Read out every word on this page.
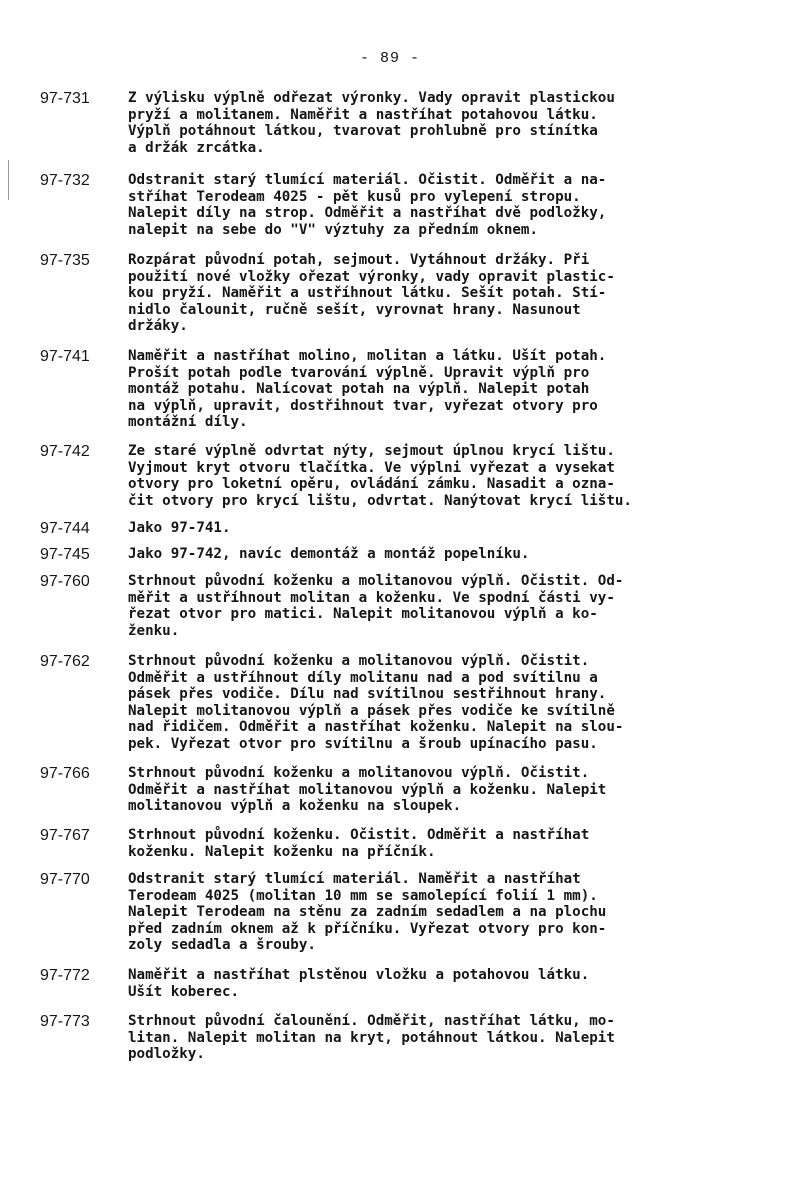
- 89 -
97-731	Z výlisku výplně odřezat výronky. Vady opravit plastickou
pryží a molitanem. Naměřit a nastříhat potahovou látku.
Výplň potáhnout látkou, tvarovat prohlubně pro stínítka
a držák zrcátka.
97-732	Odstranit starý tlumící materiál. Očistit. Odměřit a na-
stříhat Terodeam 4025 - pět kusů pro vylepení stropu.
Nalepit díly na strop. Odměřit a nastříhat dvě podložky,
nalepit na sebe do "V" výztuhy za předním oknem.
97-735	Rozpárat původní potah, sejmout. Vytáhnout držáky. Při
použití nové vložky ořezat výronky, vady opravit plastic-
kou pryží. Naměřit a ustříhnout látku. Sešít potah. Stí-
nidlo čalounit, ručně sešít, vyrovnat hrany. Nasunout
držáky.
97-741	Naměřit a nastříhat molino, molitan a látku. Ušít potah.
Prošít potah podle tvarování výplně. Upravit výplň pro
montáž potahu. Nalícovat potah na výplň. Nalepit potah
na výplň, upravit, dostřihnout tvar, vyřezat otvory pro
montážní díly.
97-742	Ze staré výplně odvrtat nýty, sejmout úplnou krycí lištu.
Vyjmout kryt otvoru tlačítka. Ve výplni vyřezat a vysekat
otvory pro loketní opěru, ovládání zámku. Nasadit a ozna-
čit otvory pro krycí lištu, odvrtat. Nanýtovat krycí lištu.
97-744	Jako 97-741.
97-745	Jako 97-742, navíc demontáž a montáž popelníku.
97-760	Strhnout původní koženku a molitanovou výplň. Očistit. Od-
měřit a ustříhnout molitan a koženku. Ve spodní části vy-
řezat otvor pro matici. Nalepit molitanovou výplň a ko-
ženku.
97-762	Strhnout původní koženku a molitanovou výplň. Očistit.
Odměřit a ustříhnout díly molitanu nad a pod svítilnu a
pásek přes vodiče. Dílu nad svítilnou sestřihnout hrany.
Nalepit molitanovou výplň a pásek přes vodiče ke svítilně
nad řidičem. Odměřit a nastříhat koženku. Nalepit na slou-
pek. Vyřezat otvor pro svítilnu a šroub upínacího pasu.
97-766	Strhnout původní koženku a molitanovou výplň. Očistit.
Odměřit a nastříhat molitanovou výplň a koženku. Nalepit
molitanovou výplň a koženku na sloupek.
97-767	Strhnout původní koženku. Očistit. Odměřit a nastříhat
koženku. Nalepit koženku na příčník.
97-770	Odstranit starý tlumící materiál. Naměřit a nastříhat
Terodeam 4025 (molitan 10 mm se samolepící folií 1 mm).
Nalepit Terodeam na stěnu za zadním sedadlem a na plochu
před zadním oknem až k příčníku. Vyřezat otvory pro kon-
zoly sedadla a šrouby.
97-772	Naměřit a nastříhat plstěnou vložku a potahovou látku.
Ušít koberec.
97-773	Strhnout původní čalounění. Odměřit, nastříhat látku, mo-
litan. Nalepit molitan na kryt, potáhnout látkou. Nalepit
podložky.
